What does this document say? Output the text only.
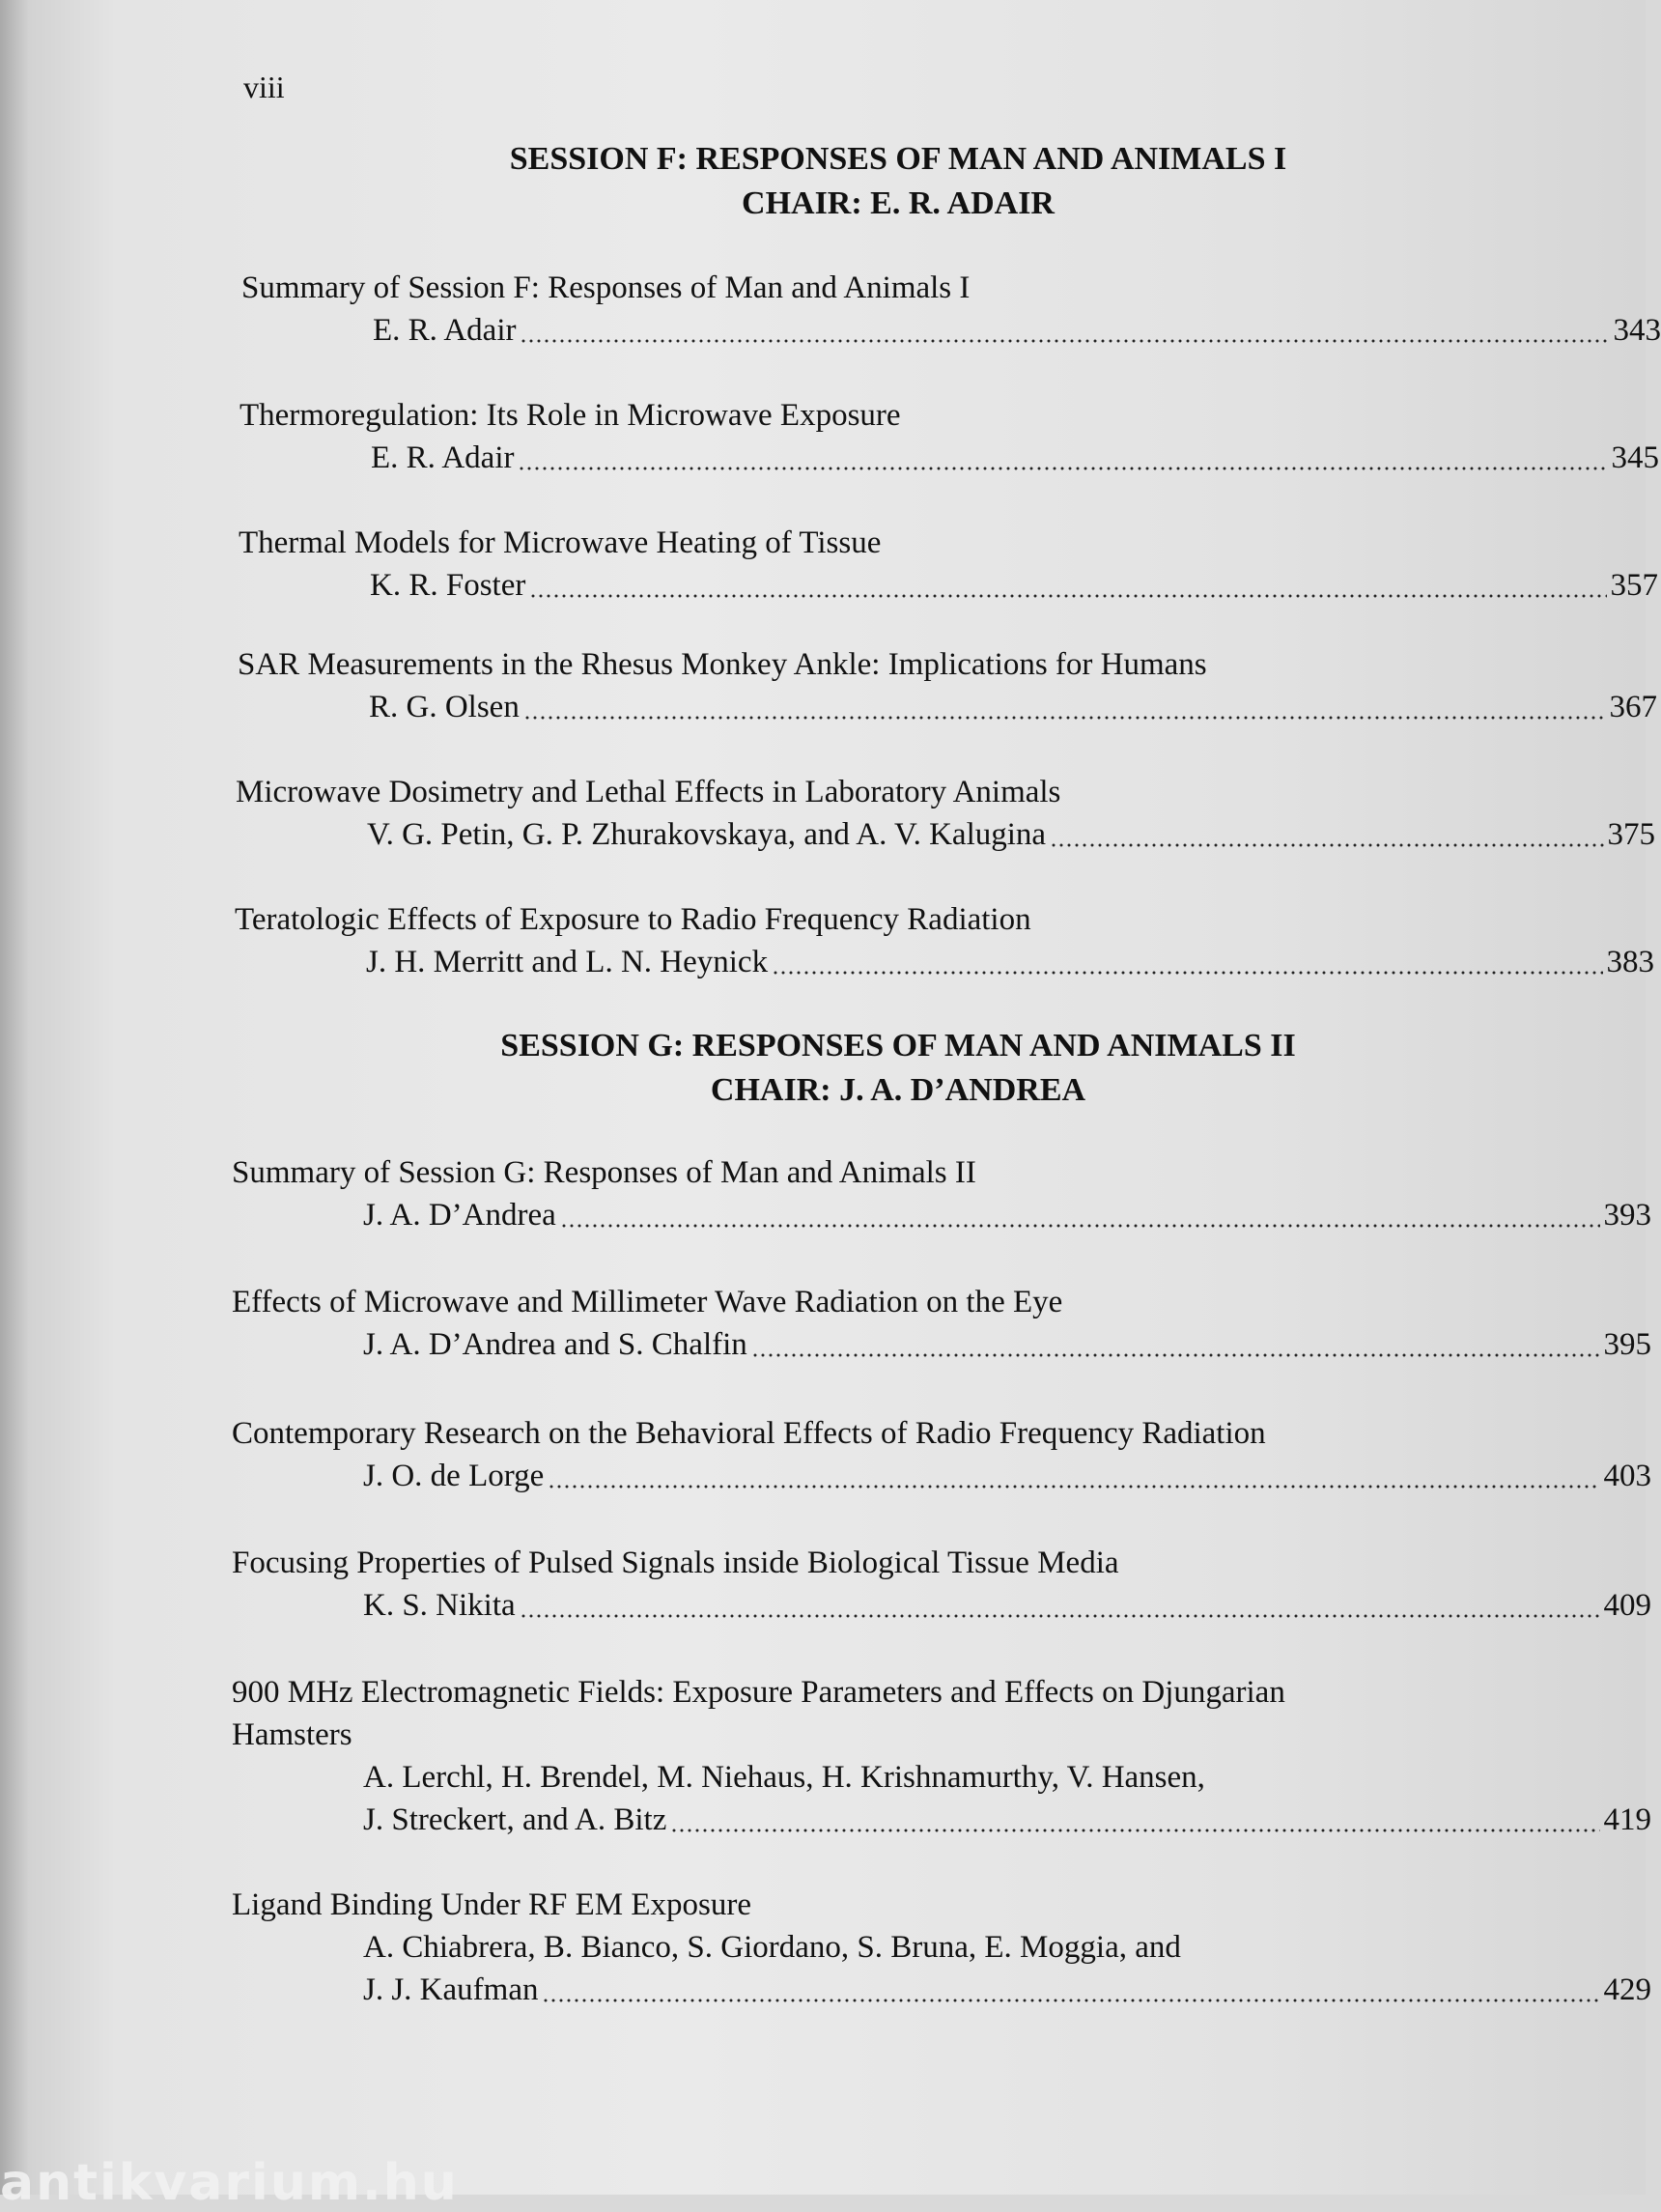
viii
SESSION F: RESPONSES OF MAN AND ANIMALS I
CHAIR: E. R. ADAIR
Summary of Session F: Responses of Man and Animals I
E. R. Adair	343
Thermoregulation: Its Role in Microwave Exposure
E. R. Adair	345
Thermal Models for Microwave Heating of Tissue
K. R. Foster	357
SAR Measurements in the Rhesus Monkey Ankle: Implications for Humans
R. G. Olsen	367
Microwave Dosimetry and Lethal Effects in Laboratory Animals
V. G. Petin, G. P. Zhurakovskaya, and A. V. Kalugina	375
Teratologic Effects of Exposure to Radio Frequency Radiation
J. H. Merritt and L. N. Heynick	383
SESSION G: RESPONSES OF MAN AND ANIMALS II
CHAIR: J. A. D’ANDREA
Summary of Session G: Responses of Man and Animals II
J. A. D’Andrea	393
Effects of Microwave and Millimeter Wave Radiation on the Eye
J. A. D’Andrea and S. Chalfin	395
Contemporary Research on the Behavioral Effects of Radio Frequency Radiation
J. O. de Lorge	403
Focusing Properties of Pulsed Signals inside Biological Tissue Media
K. S. Nikita	409
900 MHz Electromagnetic Fields: Exposure Parameters and Effects on Djungarian
Hamsters
A. Lerchl, H. Brendel, M. Niehaus, H. Krishnamurthy, V. Hansen,
J. Streckert, and A. Bitz	419
Ligand Binding Under RF EM Exposure
A. Chiabrera, B. Bianco, S. Giordano, S. Bruna, E. Moggia, and
J. J. Kaufman	429
antikvarium.hu
